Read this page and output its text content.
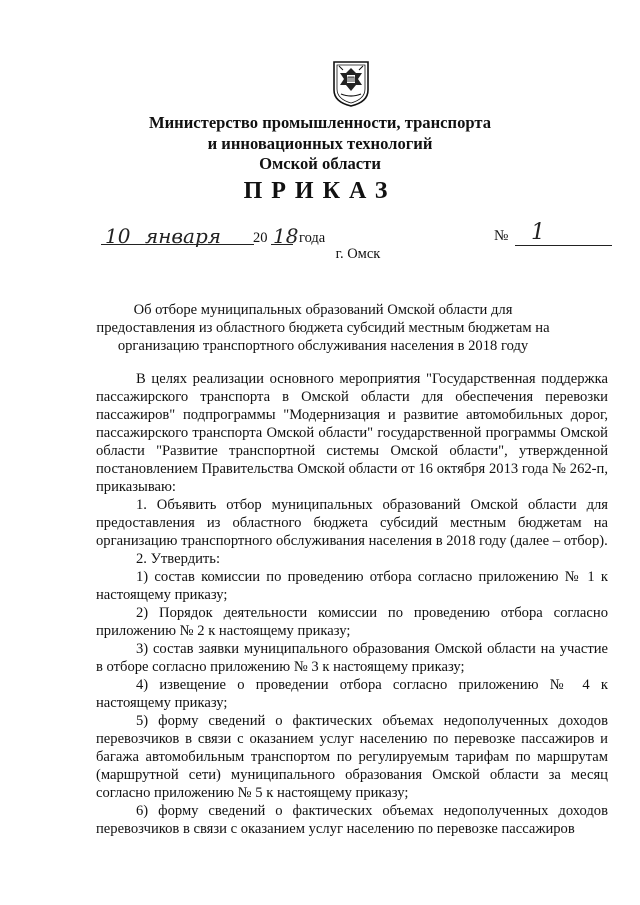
Министерство промышленности, транспорта
и инновационных технологий
Омской области
ПРИКАЗ
10 января 20 18 года	№ 1
г. Омск
Об отборе муниципальных образований Омской области для предоставления из областного бюджета субсидий местным бюджетам на организацию транспортного обслуживания населения в 2018 году

В целях реализации основного мероприятия "Государственная поддержка пассажирского транспорта в Омской области для обеспечения перевозки пассажиров" подпрограммы "Модернизация и развитие автомобильных дорог, пассажирского транспорта Омской области" государственной программы Омской области "Развитие транспортной системы Омской области", утвержденной постановлением Правительства Омской области от 16 октября 2013 года № 262-п, приказываю:

1. Объявить отбор муниципальных образований Омской области для предоставления из областного бюджета субсидий местным бюджетам на организацию транспортного обслуживания населения в 2018 году (далее – отбор).

2. Утвердить:

1) состав комиссии по проведению отбора согласно приложению № 1 к настоящему приказу;

2) Порядок деятельности комиссии по проведению отбора согласно приложению № 2 к настоящему приказу;

3) состав заявки муниципального образования Омской области на участие в отборе согласно приложению № 3 к настоящему приказу;

4) извещение о проведении отбора согласно приложению № 4 к настоящему приказу;

5) форму сведений о фактических объемах недополученных доходов перевозчиков в связи с оказанием услуг населению по перевозке пассажиров и багажа автомобильным транспортом по регулируемым тарифам по маршрутам (маршрутной сети) муниципального образования Омской области за месяц согласно приложению № 5 к настоящему приказу;

6) форму сведений о фактических объемах недополученных доходов перевозчиков в связи с оказанием услуг населению по перевозке пассажиров
